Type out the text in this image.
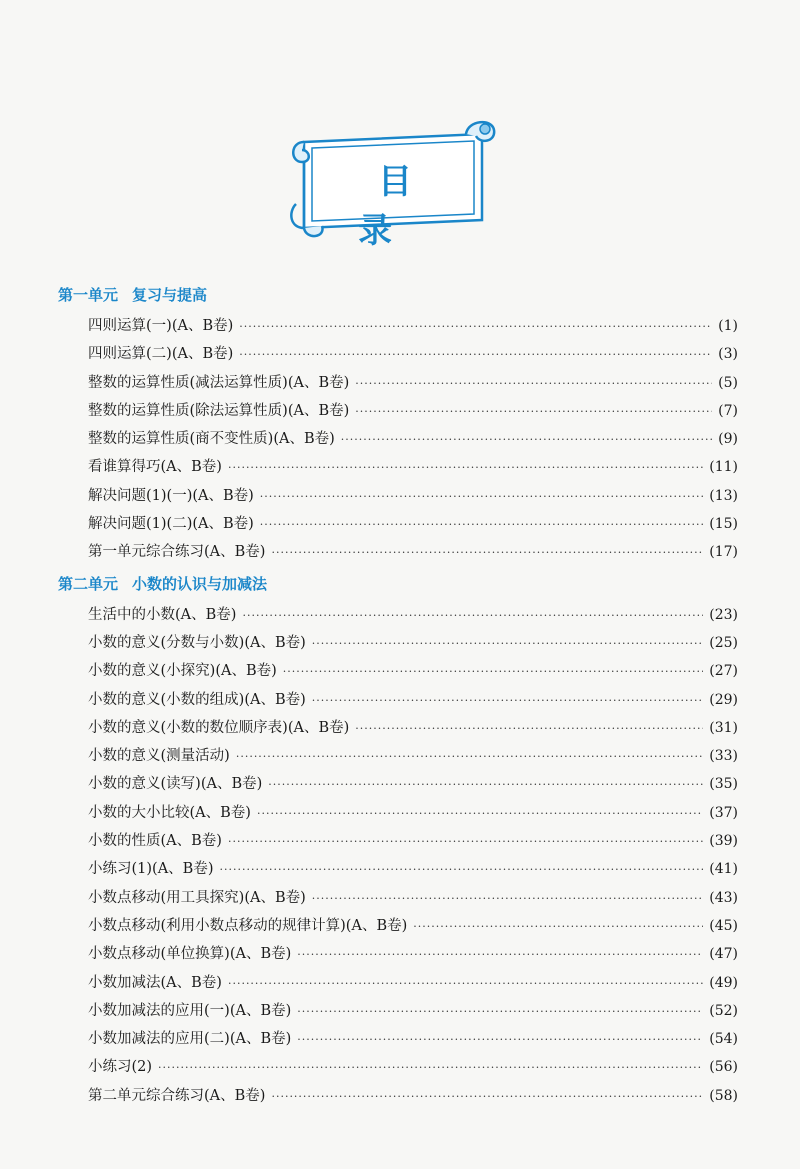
目 录
第一单元 复习与提高
四则运算(一)(A、B卷) ·····	(1)
四则运算(二)(A、B卷) ·····	(3)
整数的运算性质(减法运算性质)(A、B卷) ·····	(5)
整数的运算性质(除法运算性质)(A、B卷) ·····	(7)
整数的运算性质(商不变性质)(A、B卷) ·····	(9)
看谁算得巧(A、B卷) ·····	(11)
解决问题(1)(一)(A、B卷) ·····	(13)
解决问题(1)(二)(A、B卷) ·····	(15)
第一单元综合练习(A、B卷) ·····	(17)
第二单元 小数的认识与加减法
生活中的小数(A、B卷) ·····	(23)
小数的意义(分数与小数)(A、B卷) ·····	(25)
小数的意义(小探究)(A、B卷) ·····	(27)
小数的意义(小数的组成)(A、B卷) ·····	(29)
小数的意义(小数的数位顺序表)(A、B卷) ·····	(31)
小数的意义(测量活动) ·····	(33)
小数的意义(读写)(A、B卷) ·····	(35)
小数的大小比较(A、B卷) ·····	(37)
小数的性质(A、B卷) ·····	(39)
小练习(1)(A、B卷) ·····	(41)
小数点移动(用工具探究)(A、B卷) ·····	(43)
小数点移动(利用小数点移动的规律计算)(A、B卷) ·····	(45)
小数点移动(单位换算)(A、B卷) ·····	(47)
小数加减法(A、B卷) ·····	(49)
小数加减法的应用(一)(A、B卷) ·····	(52)
小数加减法的应用(二)(A、B卷) ·····	(54)
小练习(2) ·····	(56)
第二单元综合练习(A、B卷) ·····	(58)
